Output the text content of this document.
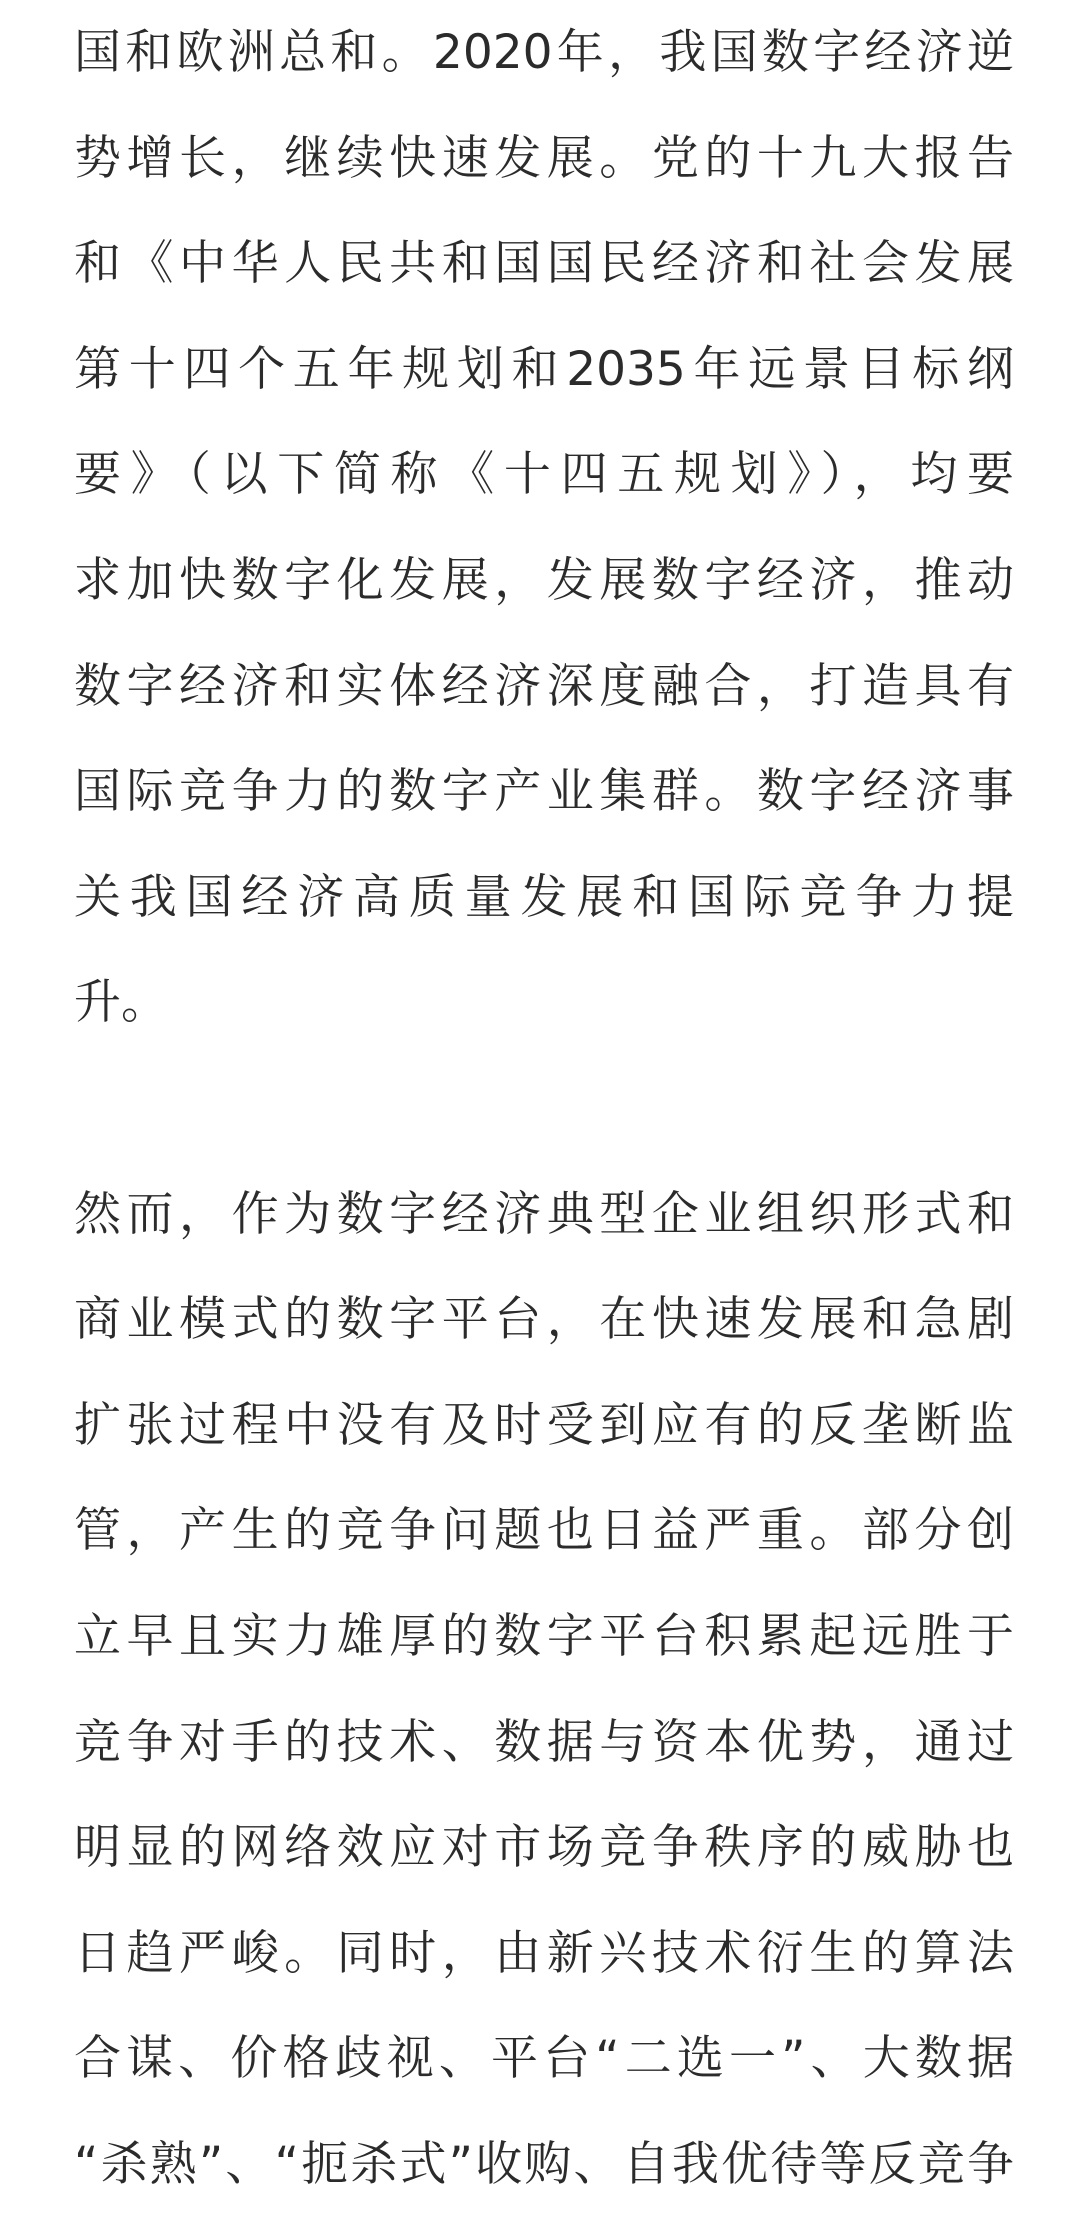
国和欧洲总和。2020年，我国数字经济逆
势增长，继续快速发展。党的十九大报告
和《中华人民共和国国民经济和社会发展
第十四个五年规划和2035年远景目标纲
要》（以下简称《十四五规划》），均要
求加快数字化发展，发展数字经济，推动
数字经济和实体经济深度融合，打造具有
国际竞争力的数字产业集群。数字经济事
关我国经济高质量发展和国际竞争力提
升。
然而，作为数字经济典型企业组织形式和
商业模式的数字平台，在快速发展和急剧
扩张过程中没有及时受到应有的反垄断监
管，产生的竞争问题也日益严重。部分创
立早且实力雄厚的数字平台积累起远胜于
竞争对手的技术、数据与资本优势，通过
明显的网络效应对市场竞争秩序的威胁也
日趋严峻。同时，由新兴技术衍生的算法
合谋、价格歧视、平台“二选一”、大数据
“杀熟”、“扼杀式”收购、自我优待等反竞争
